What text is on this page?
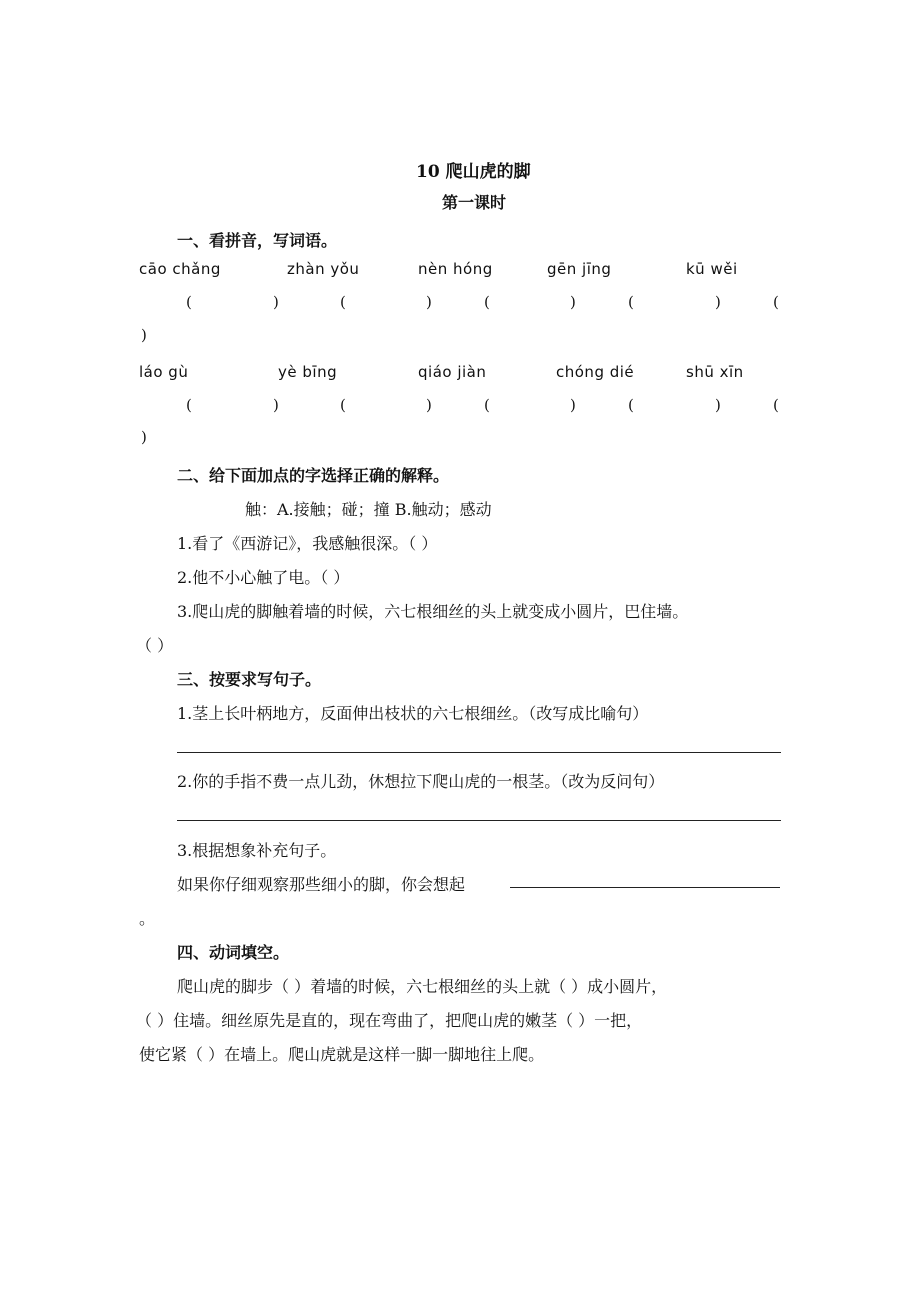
10 爬山虎的脚
第一课时
一、看拼音，写词语。
cāo chǎng	zhàn yǒu	nèn hóng	gēn jīng	kū wěi
(	)	(	)	(	)	(	)	(
)
láo gù	yè bīng	qiáo jiàn	chóng dié	shū xīn
(	)	(	)	(	)	(	)	(
)
二、给下面加点的字选择正确的解释。
触：A.接触；碰；撞 B.触动；感动
1.看了《西游记》，我感触很深。（ ）
2.他不小心触了电。（ ）
3.爬山虎的脚触着墙的时候，六七根细丝的头上就变成小圆片，巴住墙。
（ ）
三、按要求写句子。
1.茎上长叶柄地方，反面伸出枝状的六七根细丝。（改写成比喻句）
2.你的手指不费一点儿劲，休想拉下爬山虎的一根茎。（改为反问句）
3.根据想象补充句子。
如果你仔细观察那些细小的脚，你会想起
。
四、动词填空。
爬山虎的脚步（ ）着墙的时候，六七根细丝的头上就（ ）成小圆片，
（ ）住墙。细丝原先是直的，现在弯曲了，把爬山虎的嫩茎（ ）一把，
使它紧（ ）在墙上。爬山虎就是这样一脚一脚地往上爬。
